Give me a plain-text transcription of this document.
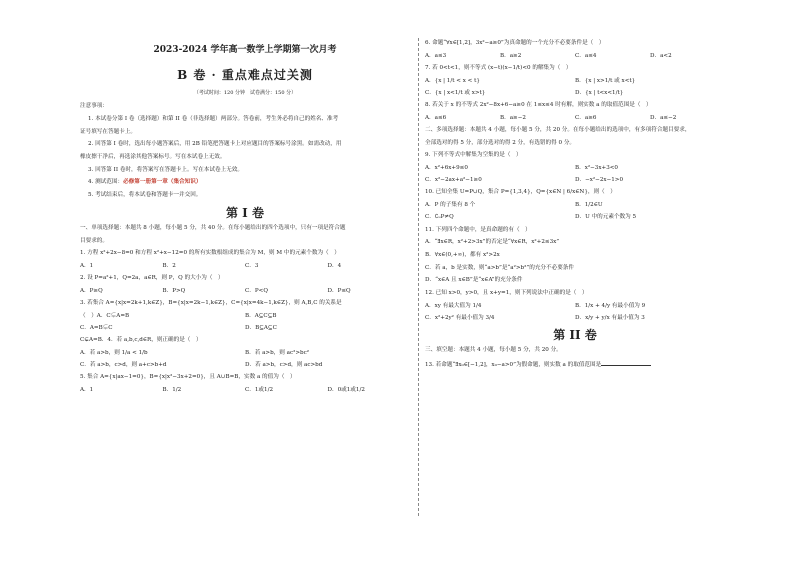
2023-2024 学年高一数学上学期第一次月考
B 卷 · 重点难点过关测
（考试时间：120 分钟　试卷满分：150 分）
注意事项：
1. 本试卷分第 I 卷（选择题）和第 II 卷（非选择题）两部分。答卷前，考生务必将自己的姓名、准考
证号填写在答题卡上。
2. 回答第 I 卷时，选出每小题答案后，用 2B 铅笔把答题卡上对应题目的答案标号涂黑。如需改动，用
橡皮擦干净后，再选涂其他答案标号。写在本试卷上无效。
3. 回答第 II 卷时，将答案写在答题卡上。写在本试卷上无效。
4. 测试范围：必修第一册第一章（集合知识）
5. 考试结束后，将本试卷和答题卡一并交回。
第 I 卷
一、单项选择题：本题共 8 小题，每小题 5 分，共 40 分。在每小题给出的四个选项中，只有一项是符合题
目要求的。
1. 方程 x²+2x−8=0 和方程 x²+x−12=0 的所有实数根组成的集合为 M，则 M 中的元素个数为（　）
A．1	B．2	C．3	D．4
2. 设 P=a²+1，Q=2a，a∈R，则 P，Q 的大小为（　）
A．P≥Q	B．P>Q	C．P<Q	D．P≤Q
3. 若集合 A={x|x=2k+1,k∈Z}，B={x|x=2k−1,k∈Z}，C={x|x=4k−1,k∈Z}，则 A,B,C 的关系是
（　）A．C⊊A=B	B．A⊆C⊆B
C．A=B⊊C	D．B⊆A⊆C
C⊊A=B．4．若 a,b,c,d∈R，则正确的是（　）
A．若 a>b，则 1/a < 1/b	B．若 a>b，则 ac²>bc²
C．若 a>b，c>d，则 a+c>b+d	D．若 a>b，c>d，则 ac>bd
5. 集合 A={x|ax−1=0}，B={x|x²−3x+2=0}，且 A∪B=B，实数 a 的值为（　）
A．1	B．1/2	C．1或1/2	D．0或1或1/2
6. 命题“∀x∈[1,2]，3x²−a≥0”为真命题的一个充分不必要条件是（　）
A．a≤3	B．a≥2	C．a≤4	D．a<2
7. 若 0<t<1，则不等式 (x−t)(x−1/t)<0 的解集为（　）
A．{x | 1/t < x < t}	B．{x | x>1/t 或 x<t}
C．{x | x<1/t 或 x>t}	D．{x | t<x<1/t}
8. 若关于 x 的不等式 2x²−8x+6−a≥0 在 1≤x≤4 时有解，则实数 a 的取值范围是（　）
A．a≤6	B．a≥−2	C．a≥6	D．a≤−2
二、多项选择题：本题共 4 小题，每小题 5 分，共 20 分。在每小题给出的选项中，有多项符合题目要求，
全部选对的得 5 分，部分选对的得 2 分，有选错的得 0 分。
9. 下列不等式中解集为空集的是（　）
A．x²+6x+9≤0	B．x²−3x+3<0
C．x²−2ax+a²−1≥0	D．−x²−2x−1>0
10. 已知全集 U=P∪Q，集合 P={1,3,4}，Q={x∈N | 6/x∈N}，则（　）
A．P 的子集有 8 个	B．1/2∈U
C．∁ᵤP≠Q	D．U 中的元素个数为 5
11. 下列四个命题中，是真命题的有（　）
A．“∃x∈R，x²+2>3x”的否定是“∀x∈R，x²+2≤3x”
B．∀x∈(0,+∞)，都有 x²>2x
C．若 a，b 是实数，则“a>b”是“a²>b²”的充分不必要条件
D．“x∈A 且 x∈B”是“x∈A”的充分条件
12. 已知 x>0，y>0，且 x+y=1，则下列说法中正确的是（　）
A．xy 有最大值为 1/4	B．1/x + 4/y 有最小值为 9
C．x²+2y² 有最小值为 3/4	D．x/y + y/x 有最小值为 3
第 II 卷
三、填空题：本题共 4 小题，每小题 5 分，共 20 分。
13. 若命题“∃x₀∈[−1,2]，x₀−a>0”为假命题，则实数 a 的取值范围是
